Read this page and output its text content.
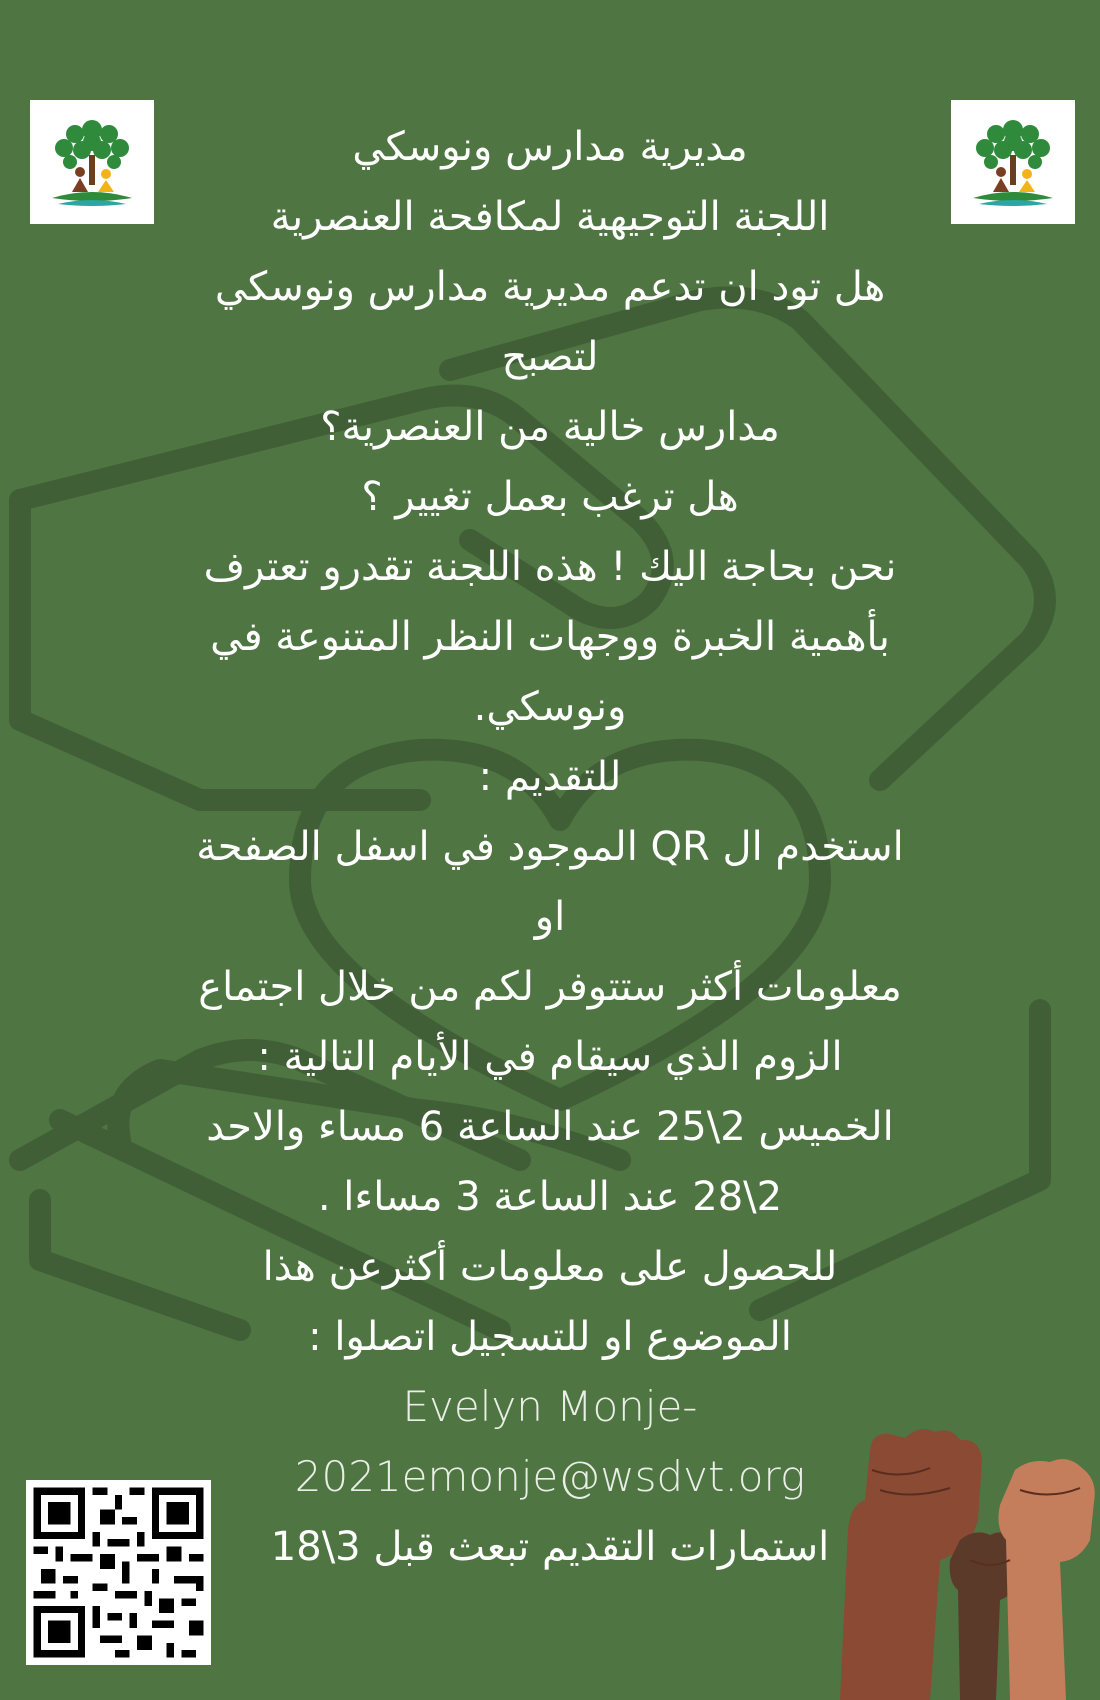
مديرية مدارس ونوسكي
اللجنة التوجيهية لمكافحة العنصرية
هل تود ان تدعم مديرية مدارس ونوسكي
لتصبح
مدارس خالية من العنصرية؟
هل ترغب بعمل تغيير ؟
نحن بحاجة اليك ! هذه اللجنة تقدرو تعترف
بأهمية الخبرة ووجهات النظر المتنوعة في
ونوسكي.
للتقديم :
استخدم ال QR الموجود في اسفل الصفحة
او
معلومات أكثر ستتوفر لكم من خلال اجتماع
الزوم الذي سيقام في الأيام التالية :
الخميس 2\25 عند الساعة 6 مساء والاحد
2\28 عند الساعة 3 مساءا .
للحصول على معلومات أكثرعن هذا
الموضوع او للتسجيل اتصلوا :
Evelyn Monje-
2021emonje@wsdvt.org
استمارات التقديم تبعث قبل 3\18
